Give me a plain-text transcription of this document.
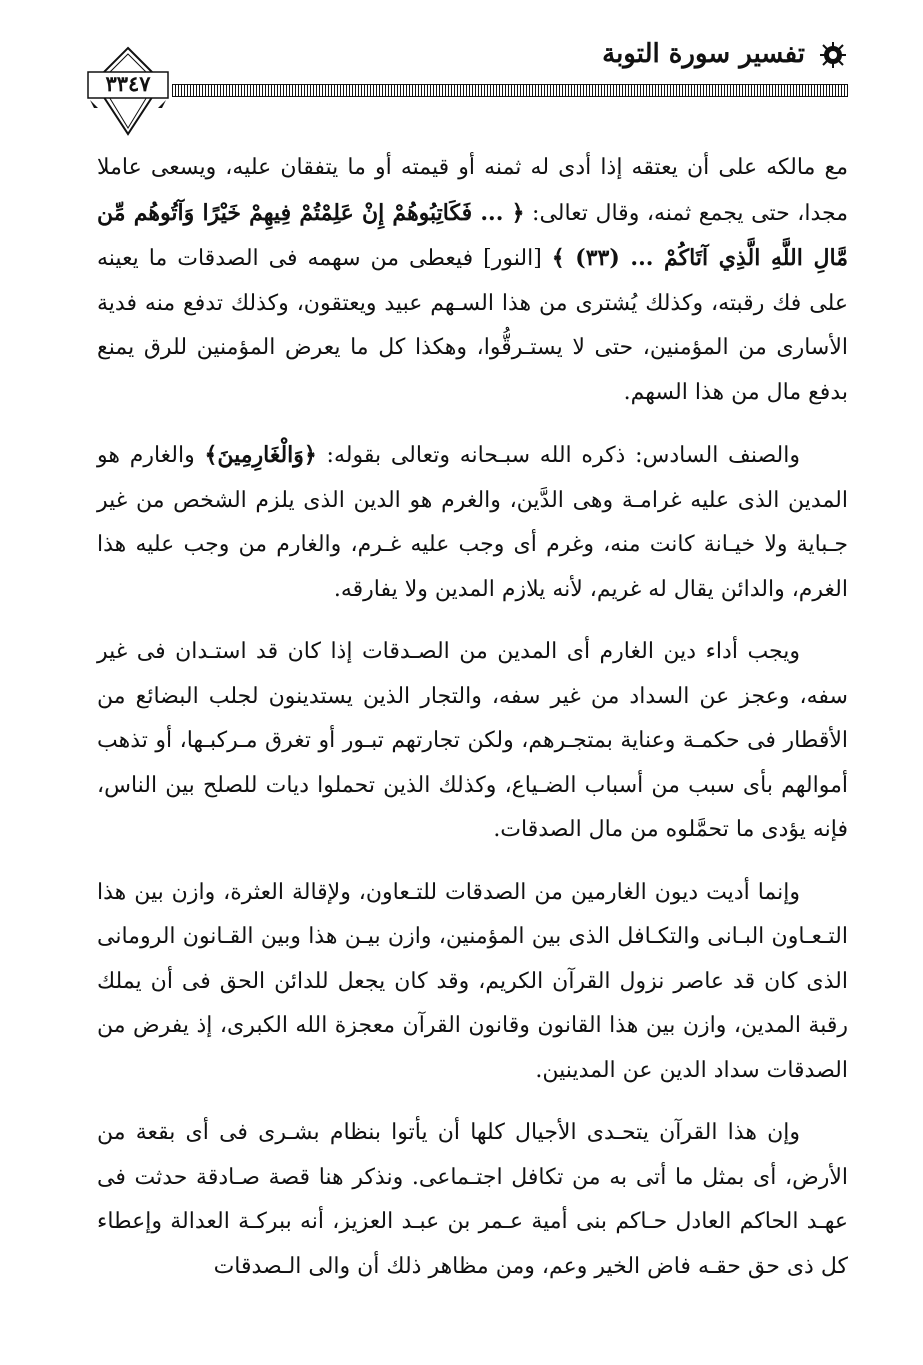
٣٣٤٧
تفسير سورة التوبة

مع مالكه على أن يعتقه إذا أدى له ثمنه أو قيمته أو ما يتفقان عليه، ويسعى عاملا مجدا، حتى يجمع ثمنه، وقال تعالى: ﴿ ... فَكَاتِبُوهُمْ إِنْ عَلِمْتُمْ فِيهِمْ خَيْرًا وَآتُوهُم مِّن مَّالِ اللَّهِ الَّذِي آتَاكُمْ ... (٣٣) ﴾ [النور] فيعطى من سهمه فى الصدقات ما يعينه على فك رقبته، وكذلك يُشترى من هذا السـهم عبيد ويعتقون، وكذلك تدفع منه فدية الأسارى من المؤمنين، حتى لا يستـرقُّوا، وهكذا كل ما يعرض المؤمنين للرق يمنع بدفع مال من هذا السهم.

والصنف السادس: ذكره الله سبـحانه وتعالى بقوله: ﴿وَالْغَارِمِينَ﴾ والغارم هو المدين الذى عليه غرامـة وهى الدَّين، والغرم هو الدين الذى يلزم الشخص من غير جـباية ولا خيـانة كانت منه، وغرم أى وجب عليه غـرم، والغارم من وجب عليه هذا الغرم، والدائن يقال له غريم، لأنه يلازم المدين ولا يفارقه.

ويجب أداء دين الغارم أى المدين من الصـدقات إذا كان قد استـدان فى غير سفه، وعجز عن السداد من غير سفه، والتجار الذين يستدينون لجلب البضائع من الأقطار فى حكمـة وعناية بمتجـرهم، ولكن تجارتهم تبـور أو تغرق مـركبـها، أو تذهب أموالهم بأى سبب من أسباب الضـياع، وكذلك الذين تحملوا ديات للصلح بين الناس، فإنه يؤدى ما تحمَّلوه من مال الصدقات.

وإنما أديت ديون الغارمين من الصدقات للتـعاون، ولإقالة العثرة، وازن بين هذا التـعـاون البـانى والتكـافل الذى بين المؤمنين، وازن بيـن هذا وبين القـانون الرومانى الذى كان قد عاصر نزول القرآن الكريم، وقد كان يجعل للدائن الحق فى أن يملك رقبة المدين، وازن بين هذا القانون وقانون القرآن معجزة الله الكبرى، إذ يفرض من الصدقات سداد الدين عن المدينين.

وإن هذا القرآن يتحـدى الأجيال كلها أن يأتوا بنظام بشـرى فى أى بقعة من الأرض، أى بمثل ما أتى به من تكافل اجتـماعى. ونذكر هنا قصة صـادقة حدثت فى عهـد الحاكم العادل حـاكم بنى أمية عـمر بن عبـد العزيز، أنه ببركـة العدالة وإعطاء كل ذى حق حقـه فاض الخير وعم، ومن مظاهر ذلك أن والى الـصدقات
